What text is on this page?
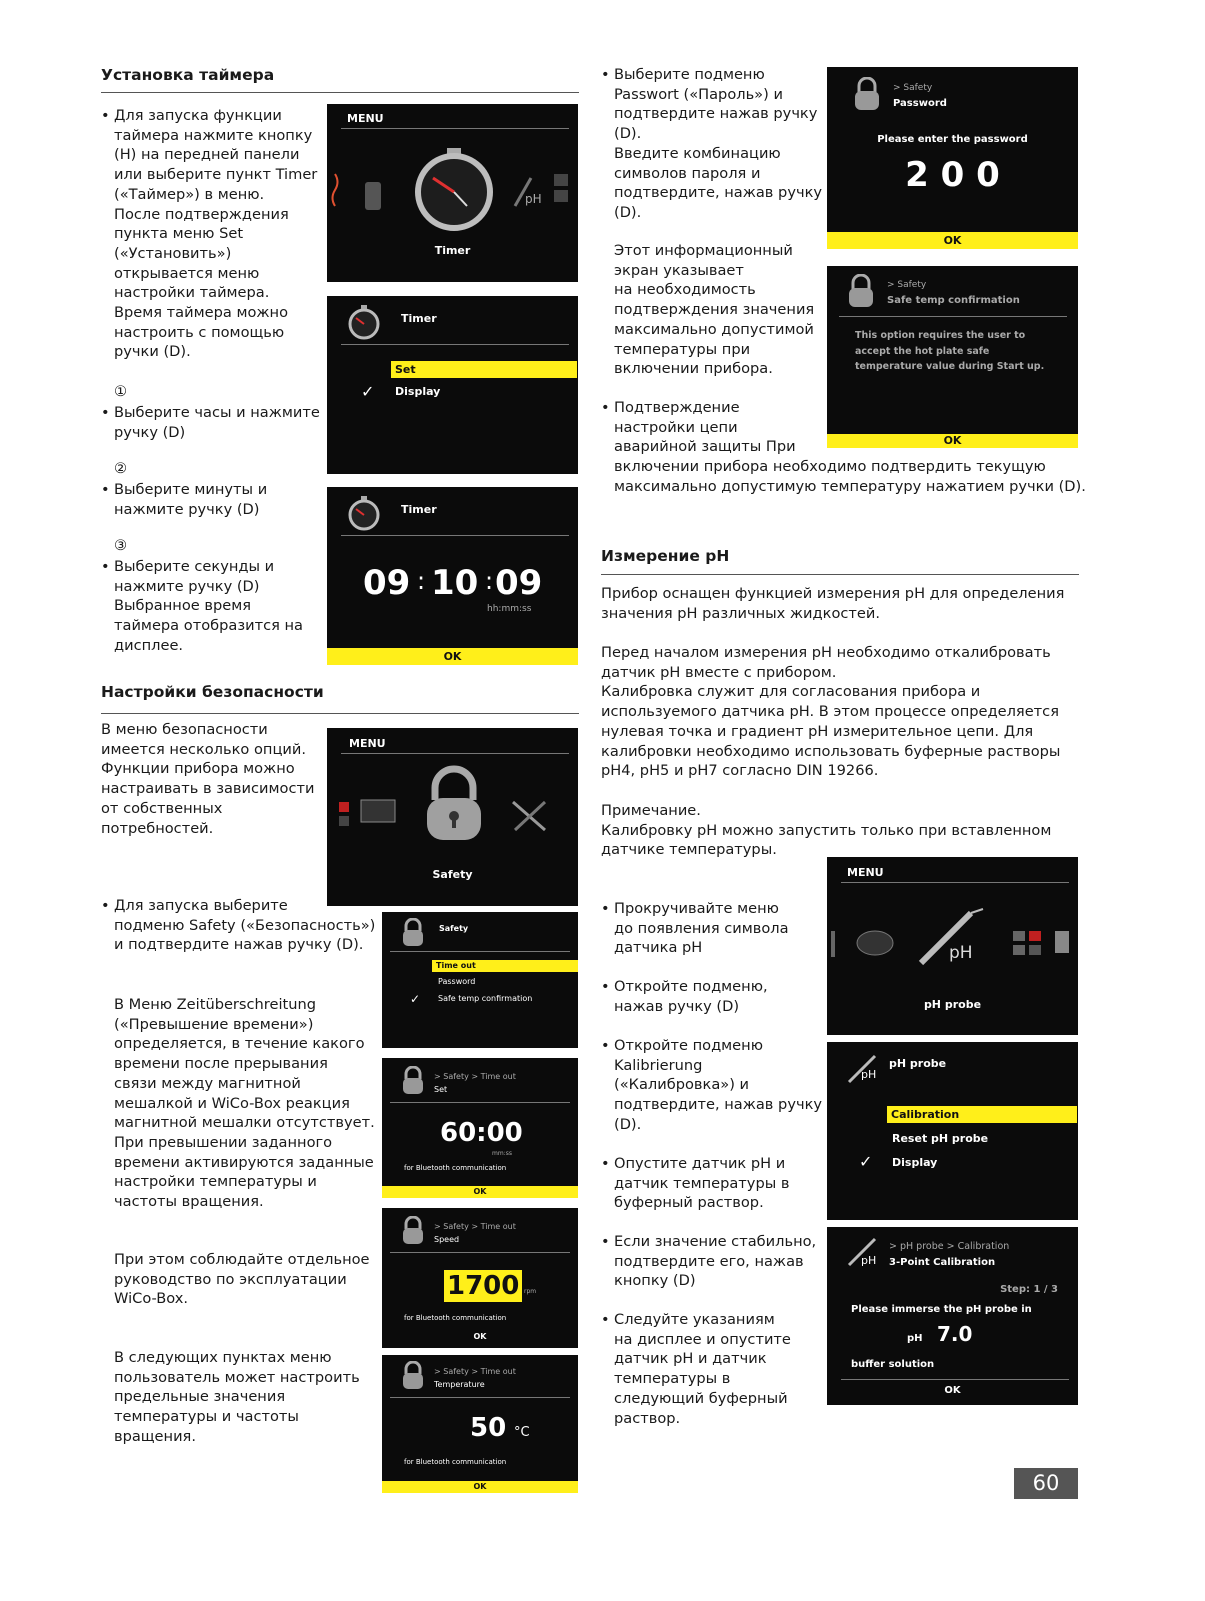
Установка таймера
• Для запуска функции
таймера нажмите кнопку
(H) на передней панели
или выберите пункт Timer
(«Таймер») в меню.
После подтверждения
пункта меню Set
(«Установить»)
открывается меню
настройки таймера.
Время таймера можно
настроить с помощью
ручки (D).
①
• Выберите часы и нажмите
ручку (D)
②
• Выберите минуты и
нажмите ручку (D)
③
• Выберите секунды и
нажмите ручку (D)
Выбранное время
таймера отобразится на
дисплее.
Настройки безопасности
В меню безопасности
имеется несколько опций.
Функции прибора можно
настраивать в зависимости
от собственных
потребностей.
• Для запуска выберите
подменю Safety («Безопасность»)
и подтвердите нажав ручку (D).
В Меню Zeitüberschreitung
(«Превышение времени»)
определяется, в течение какого
времени после прерывания
связи между магнитной
мешалкой и WiCo-Box реакция
магнитной мешалки отсутствует.
При превышении заданного
времени активируются заданные
настройки температуры и
частоты вращения.
При этом соблюдайте отдельное
руководство по эксплуатации
WiCo-Box.
В следующих пунктах меню
пользователь может настроить
предельные значения
температуры и частоты
вращения.
MENU
pH
Timer
Timer
Set
✓ Display
Timer
09 : 10 : 09
hh:mm:ss
OK
MENU
Safety
Safety
Time out
Password
✓ Safe temp confirmation
> Safety > Time out
Set
60:00
mm:ss
for Bluetooth communication
OK
> Safety > Time out
Speed
1700 rpm
for Bluetooth communication
OK
> Safety > Time out
Temperature
50 °C
for Bluetooth communication
OK
• Выберите подменю
Passwort («Пароль») и
подтвердите нажав ручку
(D).
Введите комбинацию
символов пароля и
подтвердите, нажав ручку
(D).
Этот информационный
экран указывает
на необходимость
подтверждения значения
максимально допустимой
температуры при
включении прибора.
• Подтверждение
настройки цепи
аварийной защиты При
включении прибора необходимо подтвердить текущую
максимально допустимую температуру нажатием ручки (D).
Измерение pH
Прибор оснащен функцией измерения pH для определения
значения pH различных жидкостей.
Перед началом измерения pH необходимо откалибровать
датчик pH вместе с прибором.
Калибровка служит для согласования прибора и
используемого датчика pH. В этом процессе определяется
нулевая точка и градиент pH измерительное цепи. Для
калибровки необходимо использовать буферные растворы
pH4, pH5 и pH7 согласно DIN 19266.
Примечание.
Калибровку pH можно запустить только при вставленном
датчике температуры.
• Прокручивайте меню
до появления символа
датчика pH
• Откройте подменю,
нажав ручку (D)
• Откройте подменю
Kalibrierung
(«Калибровка») и
подтвердите, нажав ручку
(D).
• Опустите датчик pH и
датчик температуры в
буферный раствор.
• Если значение стабильно,
подтвердите его, нажав
кнопку (D)
• Следуйте указаниям
на дисплее и опустите
датчик pH и датчик
температуры в
следующий буферный
раствор.
> Safety
Password
Please enter the password
2 0 0
OK
> Safety
Safe temp confirmation
This option requires the user to
accept the hot plate safe
temperature value during Start up.
OK
MENU
pH
pH probe
pH
pH probe
Calibration
Reset pH probe
✓ Display
pH
> pH probe > Calibration
3-Point Calibration
Step: 1 / 3
Please immerse the pH probe in
pH 7.0
buffer solution
OK
60
